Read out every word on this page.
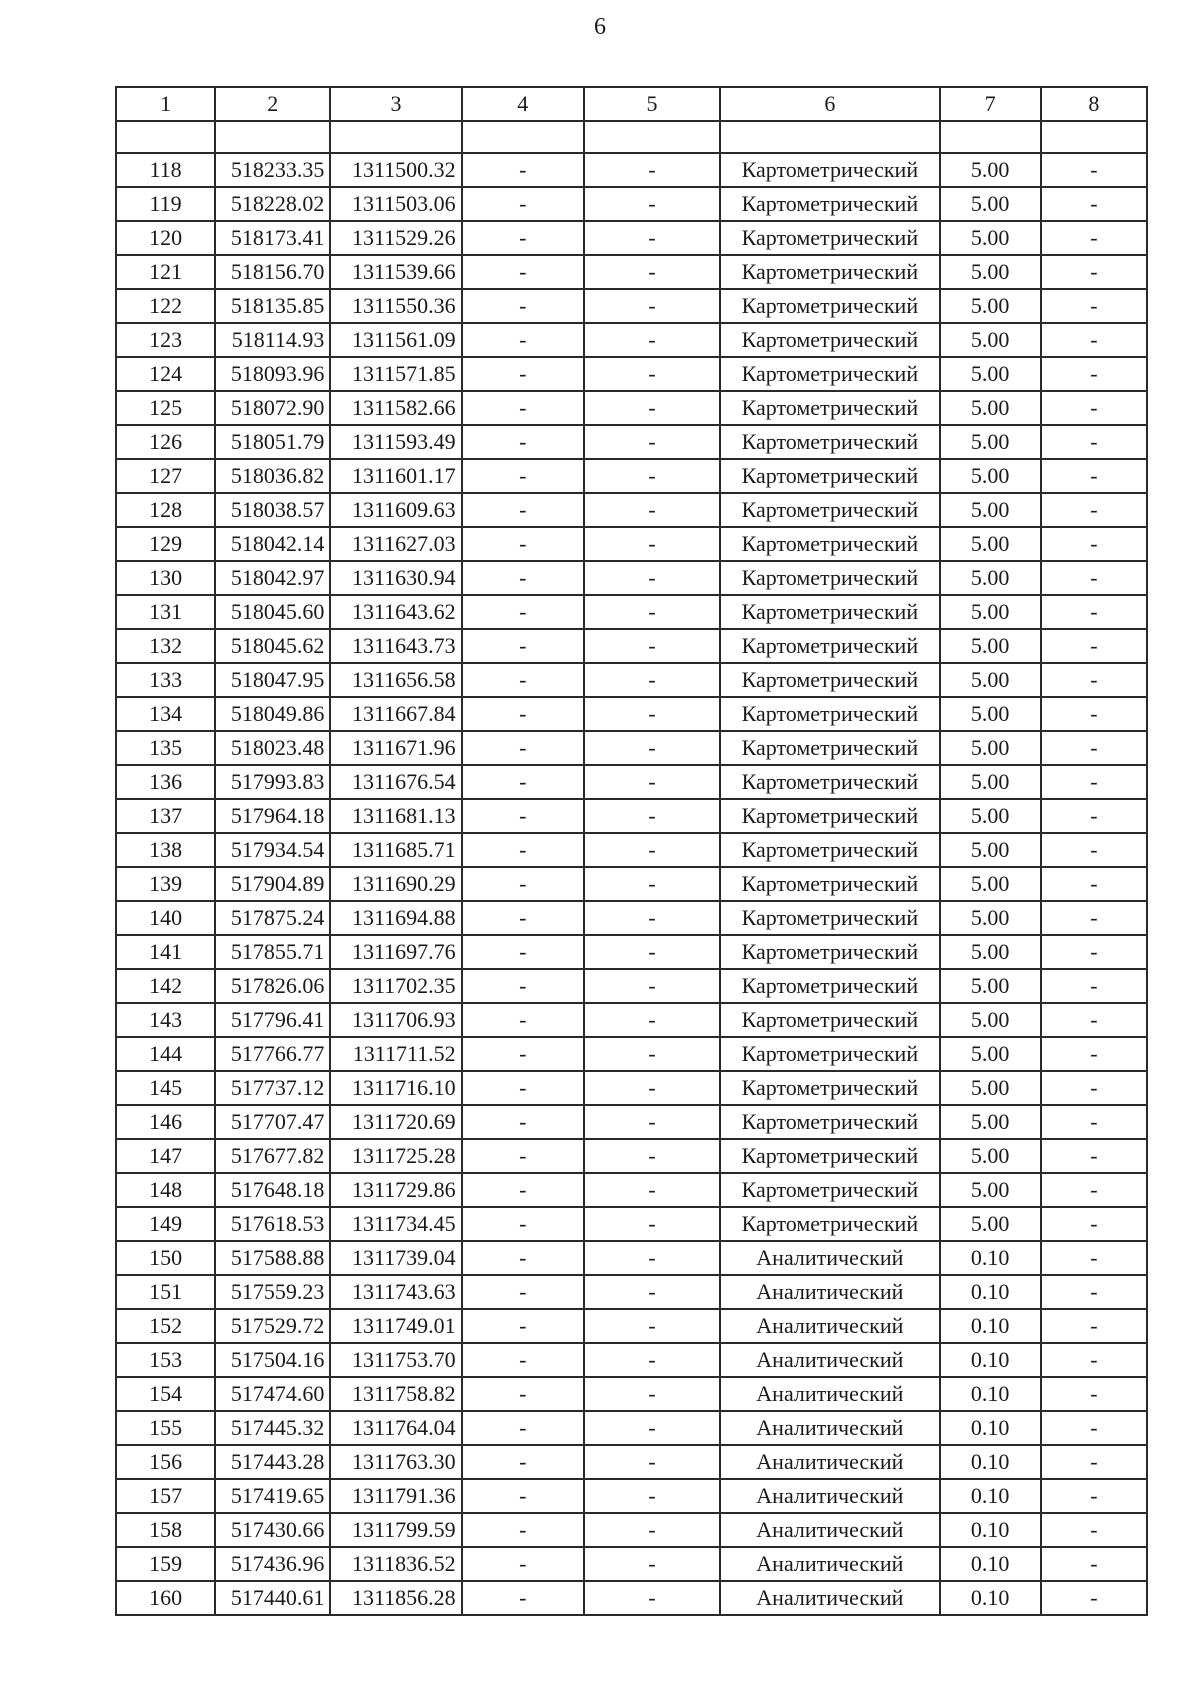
6
1	2	3	4	5	6	7	8

118	518233.35	1311500.32	-	-	Картометрический	5.00	-
119	518228.02	1311503.06	-	-	Картометрический	5.00	-
120	518173.41	1311529.26	-	-	Картометрический	5.00	-
121	518156.70	1311539.66	-	-	Картометрический	5.00	-
122	518135.85	1311550.36	-	-	Картометрический	5.00	-
123	518114.93	1311561.09	-	-	Картометрический	5.00	-
124	518093.96	1311571.85	-	-	Картометрический	5.00	-
125	518072.90	1311582.66	-	-	Картометрический	5.00	-
126	518051.79	1311593.49	-	-	Картометрический	5.00	-
127	518036.82	1311601.17	-	-	Картометрический	5.00	-
128	518038.57	1311609.63	-	-	Картометрический	5.00	-
129	518042.14	1311627.03	-	-	Картометрический	5.00	-
130	518042.97	1311630.94	-	-	Картометрический	5.00	-
131	518045.60	1311643.62	-	-	Картометрический	5.00	-
132	518045.62	1311643.73	-	-	Картометрический	5.00	-
133	518047.95	1311656.58	-	-	Картометрический	5.00	-
134	518049.86	1311667.84	-	-	Картометрический	5.00	-
135	518023.48	1311671.96	-	-	Картометрический	5.00	-
136	517993.83	1311676.54	-	-	Картометрический	5.00	-
137	517964.18	1311681.13	-	-	Картометрический	5.00	-
138	517934.54	1311685.71	-	-	Картометрический	5.00	-
139	517904.89	1311690.29	-	-	Картометрический	5.00	-
140	517875.24	1311694.88	-	-	Картометрический	5.00	-
141	517855.71	1311697.76	-	-	Картометрический	5.00	-
142	517826.06	1311702.35	-	-	Картометрический	5.00	-
143	517796.41	1311706.93	-	-	Картометрический	5.00	-
144	517766.77	1311711.52	-	-	Картометрический	5.00	-
145	517737.12	1311716.10	-	-	Картометрический	5.00	-
146	517707.47	1311720.69	-	-	Картометрический	5.00	-
147	517677.82	1311725.28	-	-	Картометрический	5.00	-
148	517648.18	1311729.86	-	-	Картометрический	5.00	-
149	517618.53	1311734.45	-	-	Картометрический	5.00	-
150	517588.88	1311739.04	-	-	Аналитический	0.10	-
151	517559.23	1311743.63	-	-	Аналитический	0.10	-
152	517529.72	1311749.01	-	-	Аналитический	0.10	-
153	517504.16	1311753.70	-	-	Аналитический	0.10	-
154	517474.60	1311758.82	-	-	Аналитический	0.10	-
155	517445.32	1311764.04	-	-	Аналитический	0.10	-
156	517443.28	1311763.30	-	-	Аналитический	0.10	-
157	517419.65	1311791.36	-	-	Аналитический	0.10	-
158	517430.66	1311799.59	-	-	Аналитический	0.10	-
159	517436.96	1311836.52	-	-	Аналитический	0.10	-
160	517440.61	1311856.28	-	-	Аналитический	0.10	-
